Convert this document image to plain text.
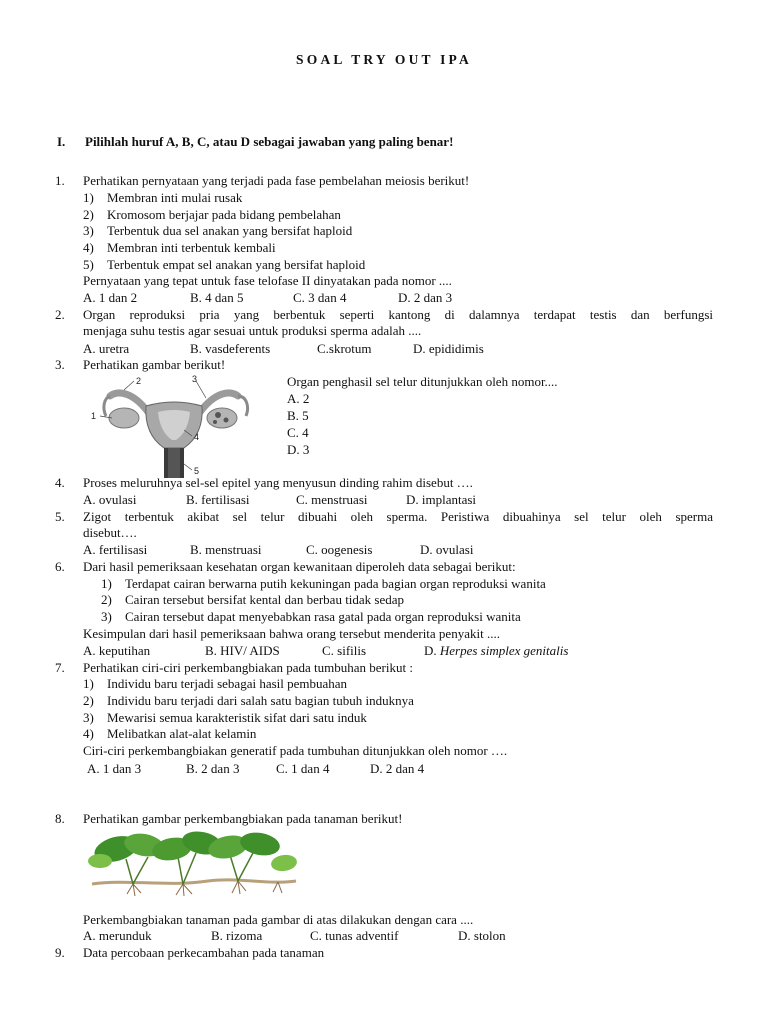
SOAL TRY OUT IPA
I. Pilihlah huruf A, B, C, atau D sebagai jawaban yang paling benar!
1. Perhatikan pernyataan yang terjadi pada fase pembelahan meiosis berikut!
1) Membran inti mulai rusak
2) Kromosom berjajar pada bidang pembelahan
3) Terbentuk dua sel anakan yang bersifat haploid
4) Membran inti terbentuk kembali
5) Terbentuk empat sel anakan yang bersifat haploid
Pernyataan yang tepat untuk fase telofase II dinyatakan pada nomor ....
A. 1 dan 2	B. 4 dan 5	C. 3 dan 4	D. 2 dan 3
2. Organ reproduksi pria yang berbentuk seperti kantong di dalamnya terdapat testis dan berfungsi
menjaga suhu testis agar sesuai untuk produksi sperma adalah ....
A. uretra	B. vasdeferents	C.skrotum	D. epididimis
3. Perhatikan gambar berikut!
1
2	3
4
5
Organ penghasil sel telur ditunjukkan oleh nomor....
A. 2
B. 5
C. 4
D. 3
4. Proses meluruhnya sel-sel epitel yang menyusun dinding rahim disebut ….
A. ovulasi	B. fertilisasi	C. menstruasi	D. implantasi
5. Zigot terbentuk akibat sel telur dibuahi oleh sperma. Peristiwa dibuahinya sel telur oleh sperma
disebut….
A. fertilisasi	B. menstruasi	C. oogenesis	D. ovulasi
6. Dari hasil pemeriksaan kesehatan organ kewanitaan diperoleh data sebagai berikut:
1) Terdapat cairan berwarna putih kekuningan pada bagian organ reproduksi wanita
2) Cairan tersebut bersifat kental dan berbau tidak sedap
3) Cairan tersebut dapat menyebabkan rasa gatal pada organ reproduksi wanita
Kesimpulan dari hasil pemeriksaan bahwa orang tersebut menderita penyakit ....
A. keputihan	B. HIV/ AIDS	C. sifilis	D. Herpes simplex genitalis
7. Perhatikan ciri-ciri perkembangbiakan pada tumbuhan berikut :
1) Individu baru terjadi sebagai hasil pembuahan
2) Individu baru terjadi dari salah satu bagian tubuh induknya
3) Mewarisi semua karakteristik sifat dari satu induk
4) Melibatkan alat-alat kelamin
Ciri-ciri perkembangbiakan generatif pada tumbuhan ditunjukkan oleh nomor ….
A. 1 dan 3	B. 2 dan 3	C. 1 dan 4	D. 2 dan 4
8. Perhatikan gambar perkembangbiakan pada tanaman berikut!
Perkembangbiakan tanaman pada gambar di atas dilakukan dengan cara ....
A. merunduk	B. rizoma	C. tunas adventif	D. stolon
9. Data percobaan perkecambahan pada tanaman
